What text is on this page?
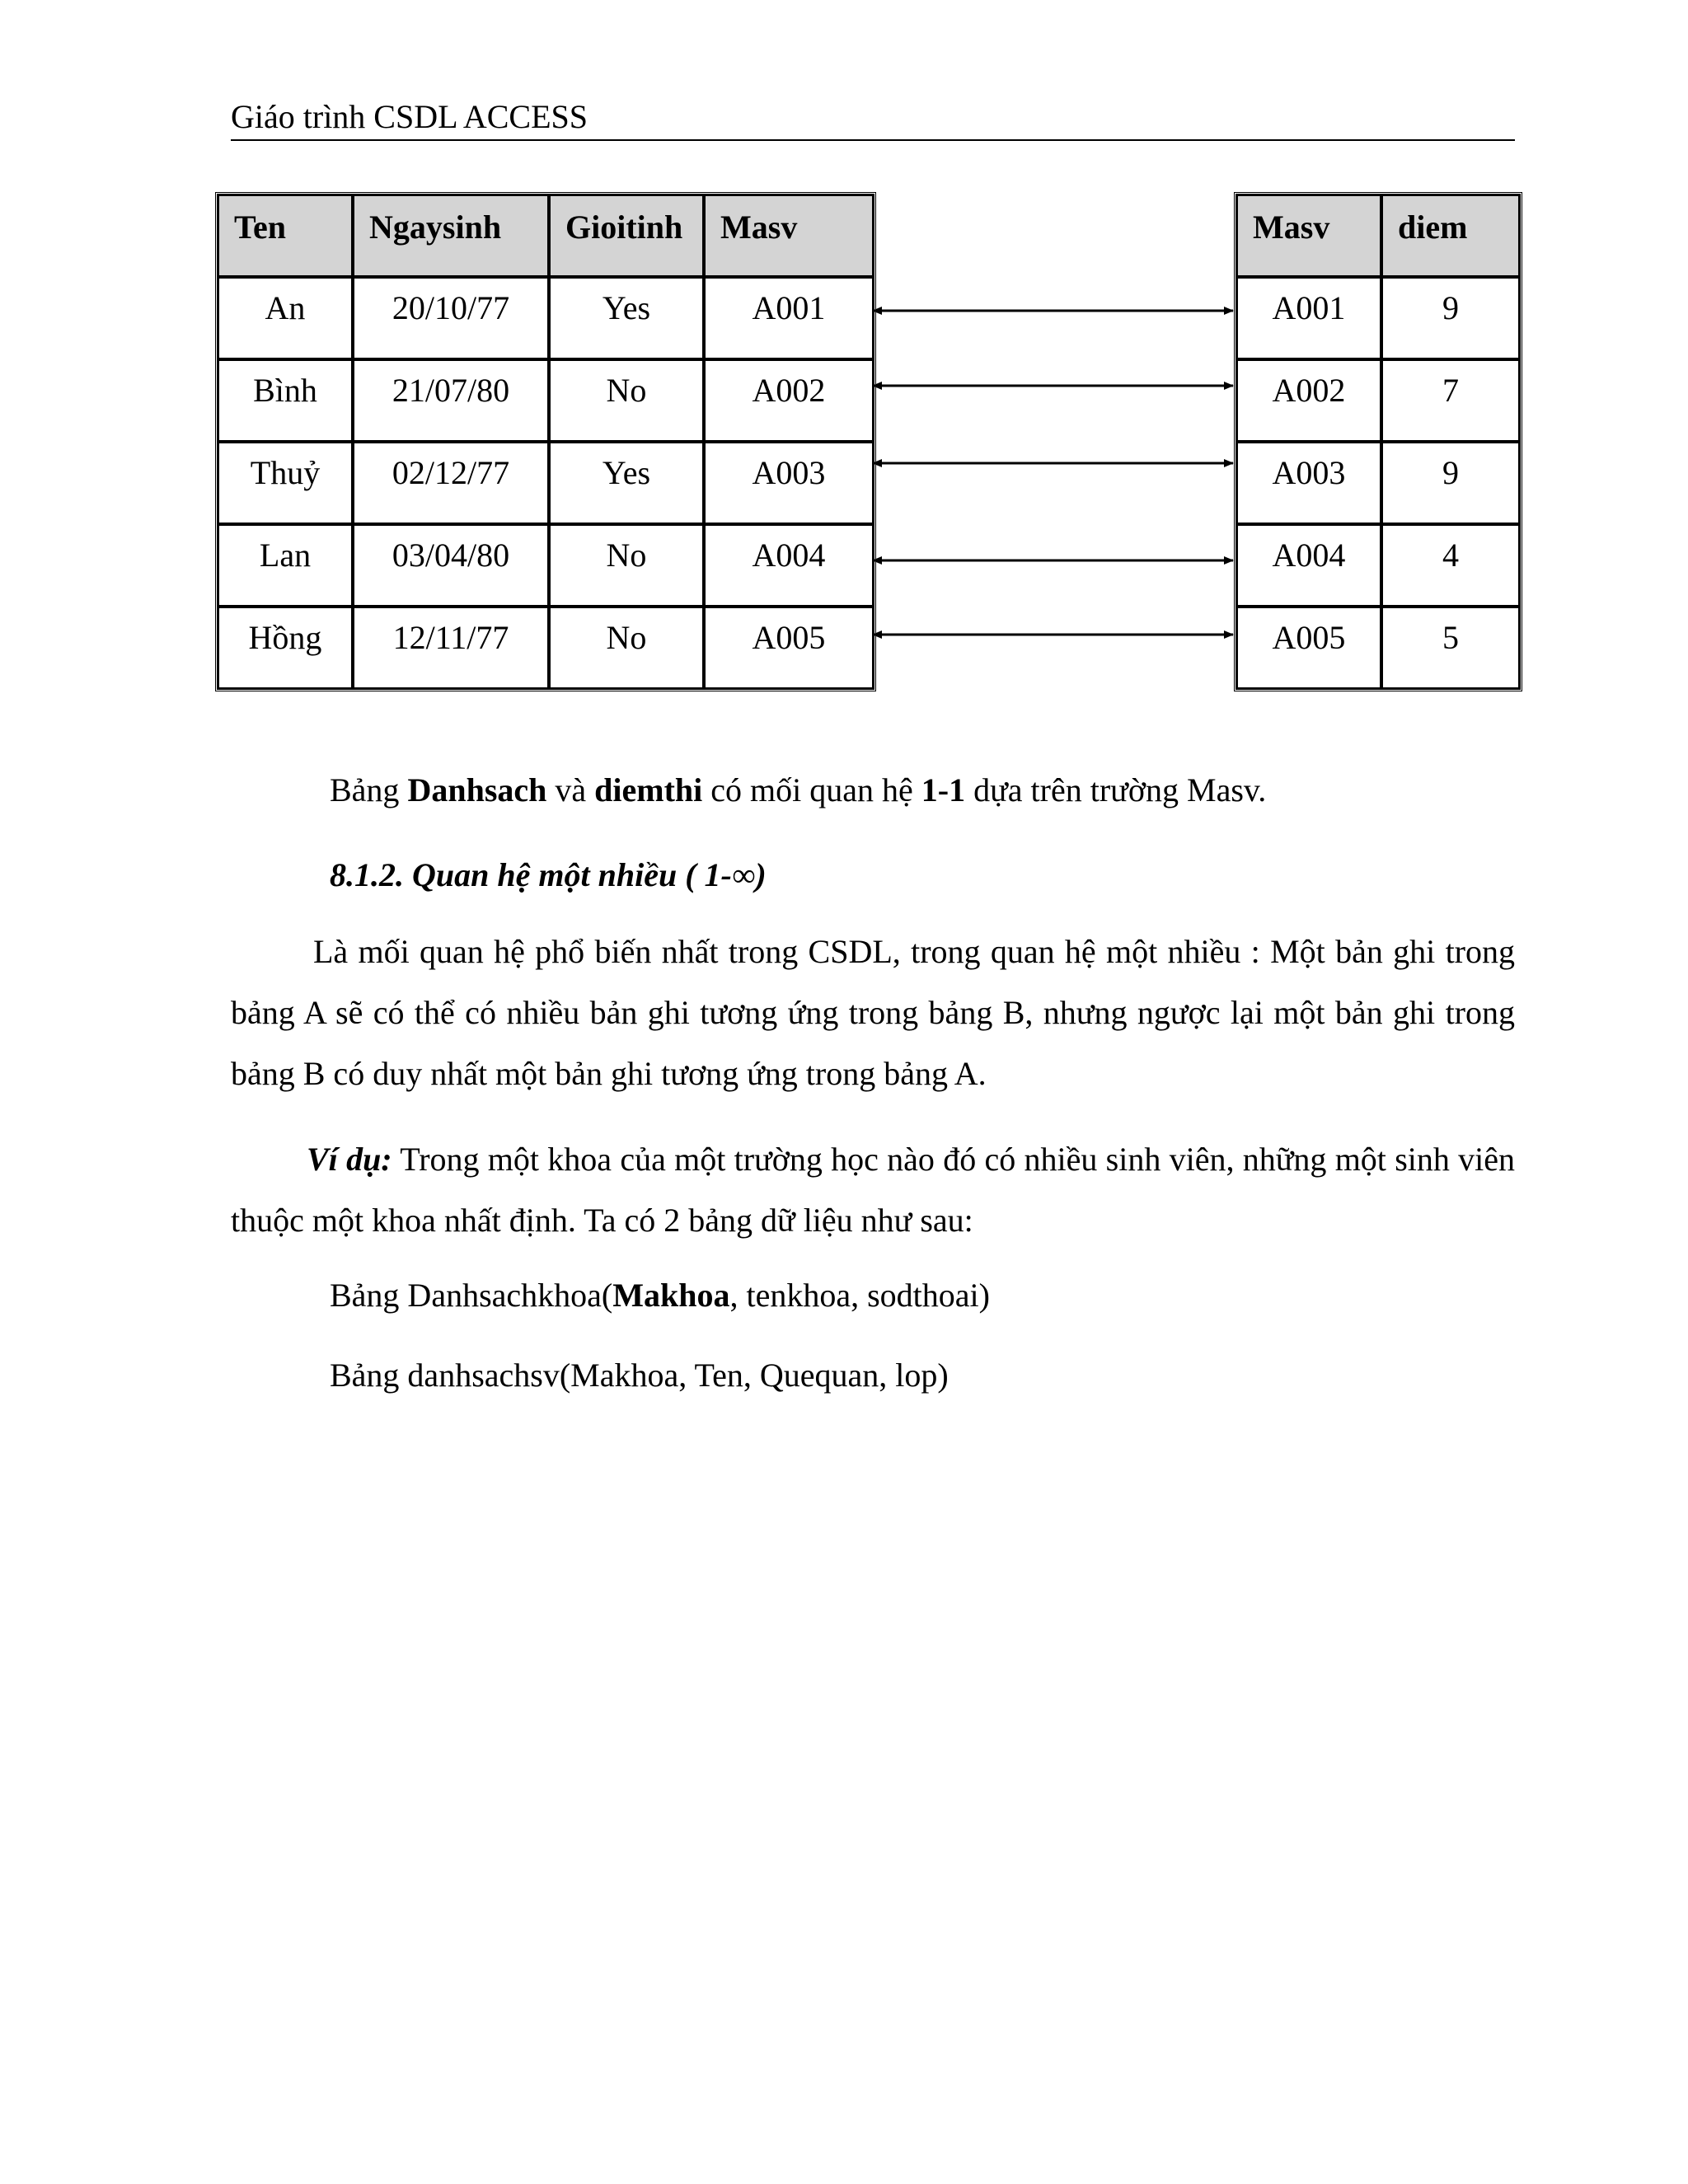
Giáo trình CSDL ACCESS
Ten	Ngaysinh	Gioitinh	Masv
An	20/10/77	Yes	A001
Bình	21/07/80	No	A002
Thuỷ	02/12/77	Yes	A003
Lan	03/04/80	No	A004
Hồng	12/11/77	No	A005
Masv	diem
A001	9
A002	7
A003	9
A004	4
A005	5
Bảng Danhsach và diemthi có mối quan hệ 1-1 dựa trên trường Masv.
8.1.2. Quan hệ một nhiều ( 1-∞)
Là mối quan hệ phổ biến nhất trong CSDL, trong quan hệ một nhiều : Một bản ghi trong bảng A sẽ có thể có nhiều bản ghi tương ứng trong bảng B, nhưng ngược lại một bản ghi trong bảng B có duy nhất một bản ghi tương ứng trong bảng A.
Ví dụ: Trong một khoa của một trường học nào đó có nhiều sinh viên, những một sinh viên thuộc một khoa nhất định. Ta có 2 bảng dữ liệu như sau:
Bảng Danhsachkhoa(Makhoa, tenkhoa, sodthoai)
Bảng danhsachsv(Makhoa, Ten, Quequan, lop)
